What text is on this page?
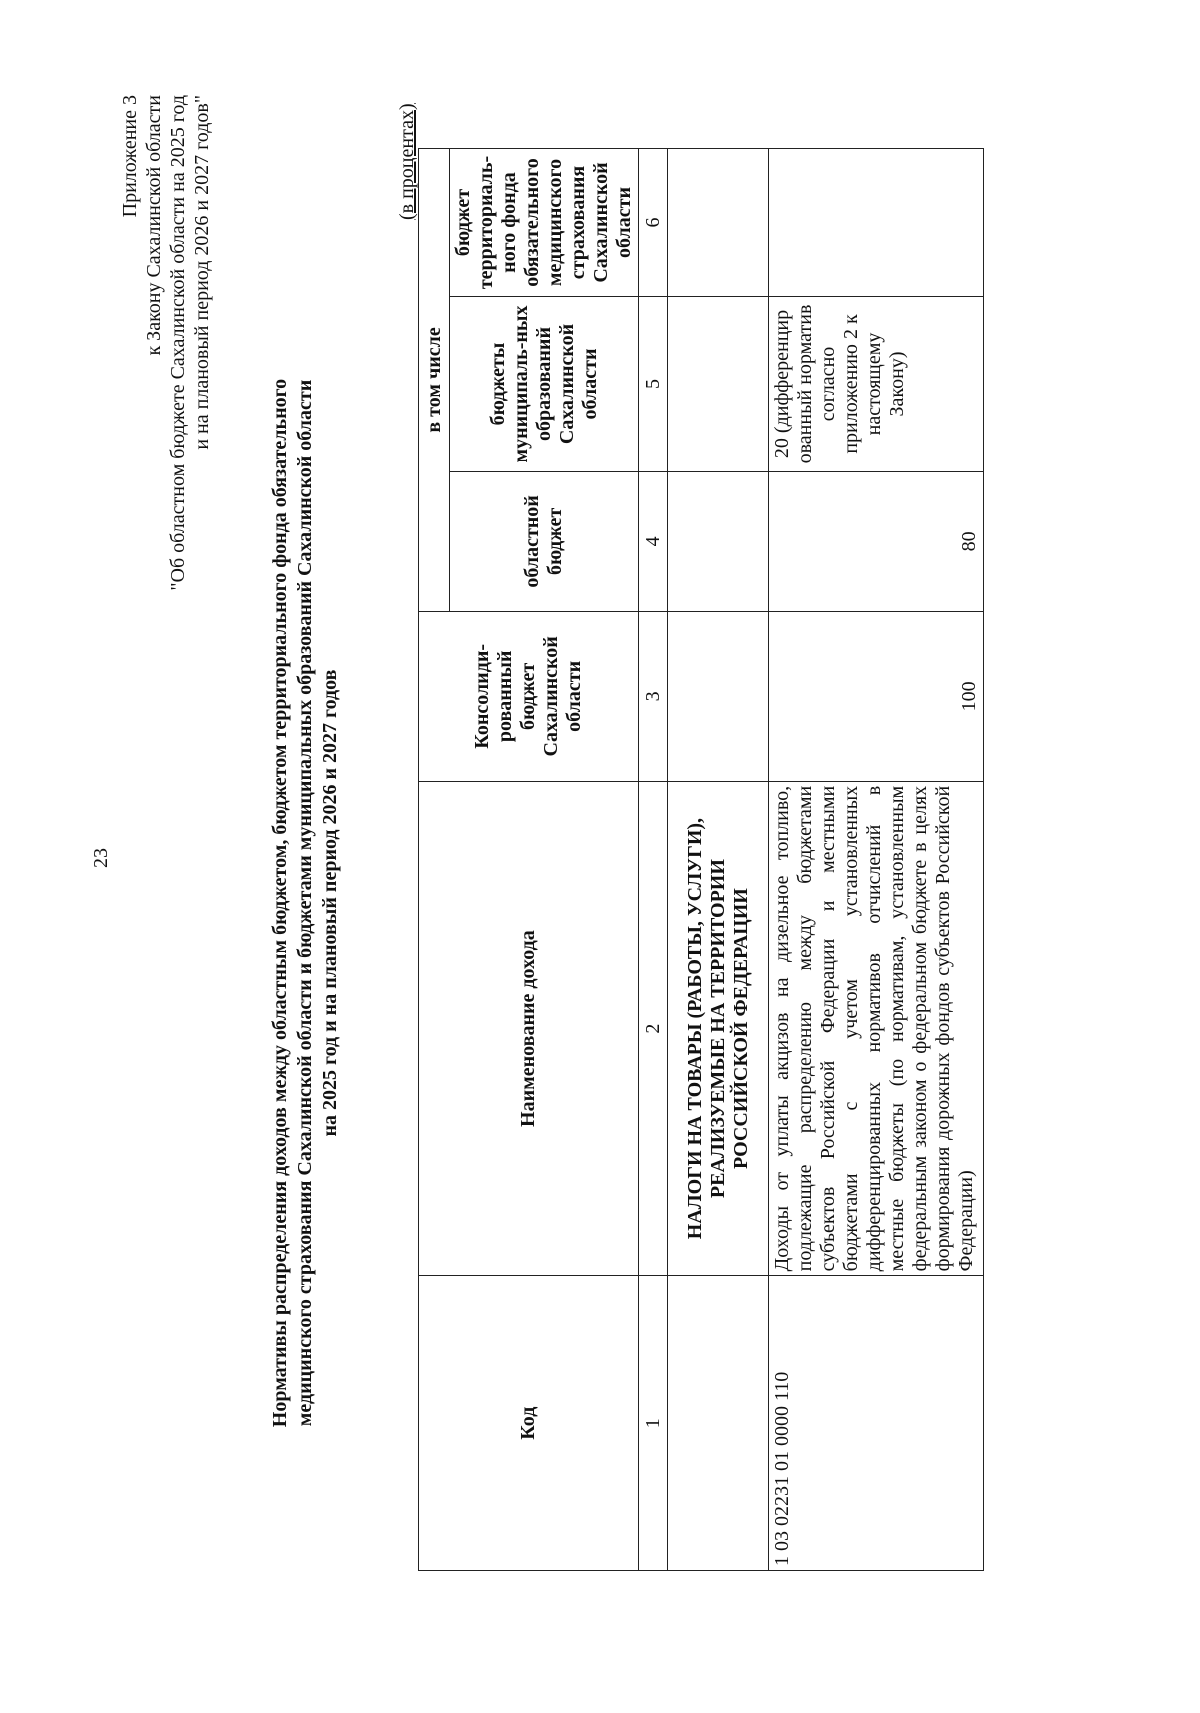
23
Приложение 3 к Закону Сахалинской области "Об областном бюджете Сахалинской области на 2025 год и на плановый период 2026 и 2027 годов"
Нормативы распределения доходов между областным бюджетом, бюджетом территориального фонда обязательного медицинского страхования Сахалинской области и бюджетами муниципальных образований Сахалинской области на 2025 год и на плановый период 2026 и 2027 годов
(в процентах)
Код	Наименование дохода	Консолиди-рованный бюджет Сахалинской области	в том числе		
			областной бюджет	бюджеты муниципаль-ных образований Сахалинской области	бюджет территориаль-ного фонда обязательного медицинского страхования Сахалинской области
1	2	3	4	5	6
	НАЛОГИ НА ТОВАРЫ (РАБОТЫ, УСЛУГИ), РЕАЛИЗУЕМЫЕ НА ТЕРРИТОРИИ РОССИЙСКОЙ ФЕДЕРАЦИИ				
1 03 02231 01 0000 110	Доходы от уплаты акцизов на дизельное топливо, подлежащие распределению между бюджетами субъектов Российской Федерации и местными бюджетами с учетом установленных дифференцированных нормативов отчислений в местные бюджеты (по нормативам, установленным федеральным законом о федеральном бюджете в целях формирования дорожных фондов субъектов Российской Федерации)	100	80	20 (дифференцир ованный норматив согласно приложению 2 к настоящему Закону)	
